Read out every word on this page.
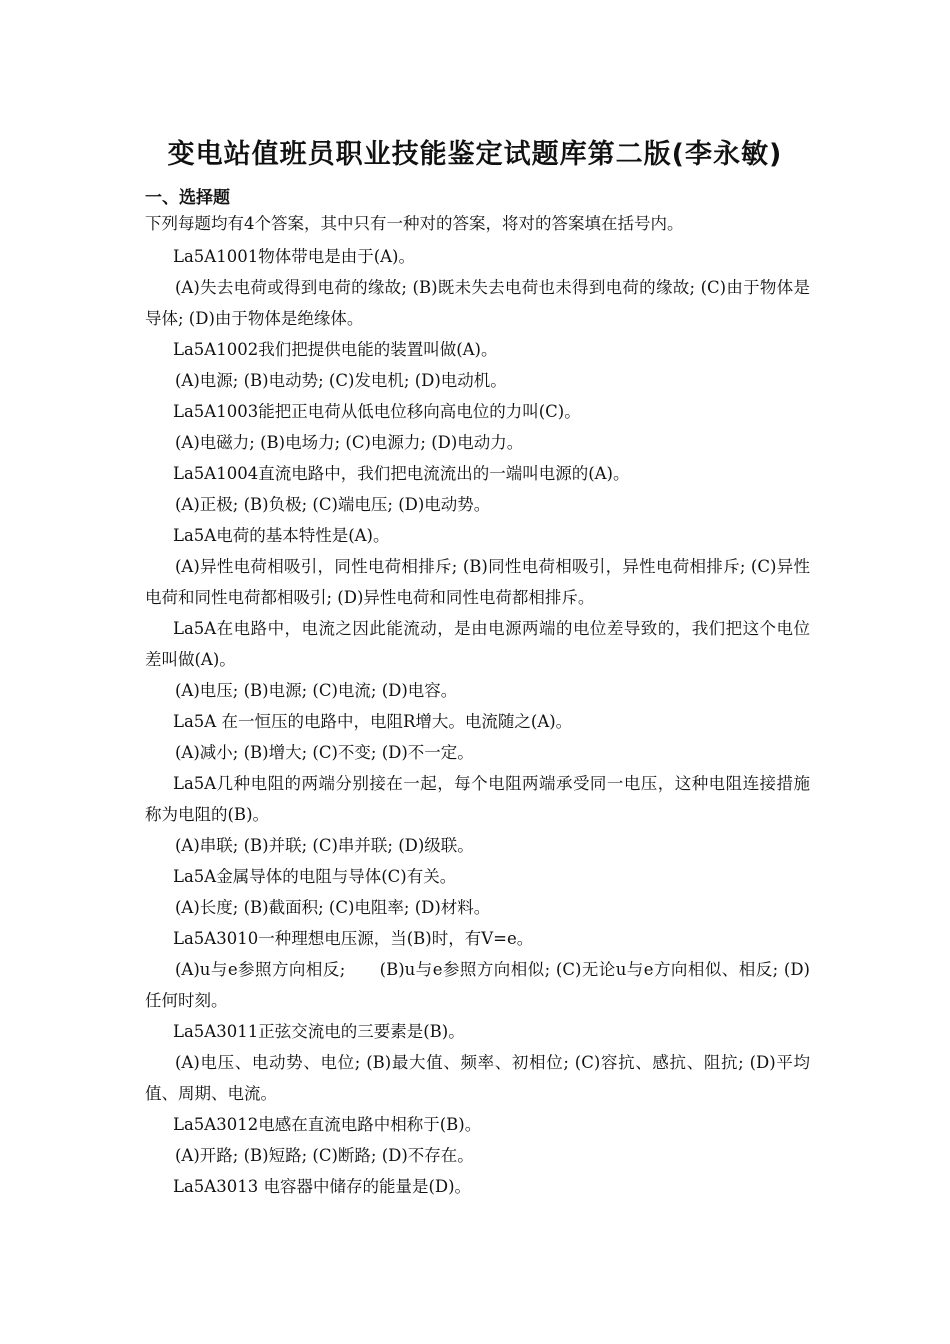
变电站值班员职业技能鉴定试题库第二版(李永敏)
一、选择题
下列每题均有4个答案，其中只有一种对的答案，将对的答案填在括号内。

La5A1001物体带电是由于(A)。

(A)失去电荷或得到电荷的缘故; (B)既未失去电荷也未得到电荷的缘故; (C)由于物体是导体; (D)由于物体是绝缘体。

La5A1002我们把提供电能的装置叫做(A)。

(A)电源; (B)电动势; (C)发电机; (D)电动机。

La5A1003能把正电荷从低电位移向高电位的力叫(C)。

(A)电磁力; (B)电场力; (C)电源力; (D)电动力。

La5A1004直流电路中，我们把电流流出的一端叫电源的(A)。

(A)正极; (B)负极; (C)端电压; (D)电动势。

La5A电荷的基本特性是(A)。

(A)异性电荷相吸引，同性电荷相排斥; (B)同性电荷相吸引，异性电荷相排斥; (C)异性电荷和同性电荷都相吸引; (D)异性电荷和同性电荷都相排斥。

La5A在电路中，电流之因此能流动，是由电源两端的电位差导致的，我们把这个电位差叫做(A)。

(A)电压; (B)电源; (C)电流; (D)电容。

La5A 在一恒压的电路中，电阻R增大。电流随之(A)。

(A)减小; (B)增大; (C)不变; (D)不一定。

La5A几种电阻的两端分别接在一起，每个电阻两端承受同一电压，这种电阻连接措施称为电阻的(B)。

(A)串联; (B)并联; (C)串并联; (D)级联。

La5A金属导体的电阻与导体(C)有关。

(A)长度; (B)截面积; (C)电阻率; (D)材料。

La5A3010一种理想电压源，当(B)时，有V=e。

(A)u与e参照方向相反;　　(B)u与e参照方向相似; (C)无论u与e方向相似、相反; (D)任何时刻。

La5A3011正弦交流电的三要素是(B)。

(A)电压、电动势、电位; (B)最大值、频率、初相位; (C)容抗、感抗、阻抗; (D)平均值、周期、电流。

La5A3012电感在直流电路中相称于(B)。

(A)开路; (B)短路; (C)断路; (D)不存在。

La5A3013 电容器中储存的能量是(D)。
